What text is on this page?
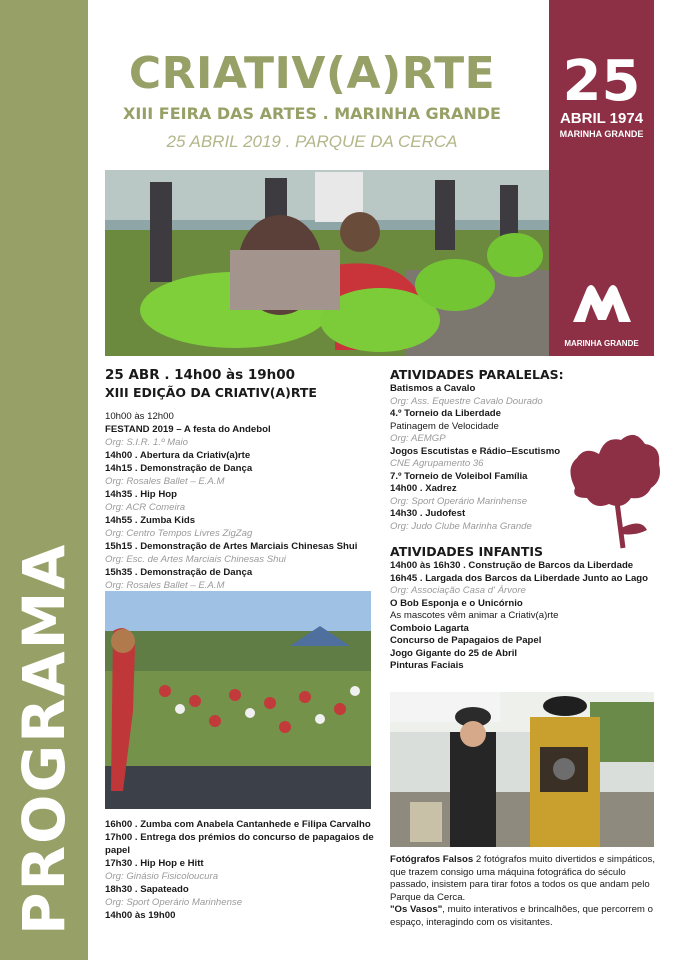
PROGRAMA
CRIATIV(A)RTE
XIII FEIRA DAS ARTES . MARINHA GRANDE
25 ABRIL 2019 . PARQUE DA CERCA
25
ABRIL 1974
MARINHA GRANDE
MARINHA GRANDE
25 ABR . 14h00 às 19h00
XIII EDIÇÃO DA CRIATIV(A)RTE
10h00 às 12h00
FESTAND 2019 – A festa do Andebol
Org: S.I.R. 1.º Maio
14h00 . Abertura da Criativ(a)rte
14h15 . Demonstração de Dança
Org: Rosales Ballet – E.A.M
14h35 . Hip Hop
Org: ACR Comeira
14h55 . Zumba Kids
Org: Centro Tempos Livres ZigZag
15h15 . Demonstração de Artes Marciais Chinesas Shui
Org: Esc. de Artes Marciais Chinesas Shui
15h35 . Demonstração de Dança
Org: Rosales Ballet – E.A.M
16h00 . Zumba com Anabela Cantanhede e Filipa Carvalho
17h00 . Entrega dos prémios do concurso de papagaios de papel
17h30 . Hip Hop e Hitt
Org: Ginásio Fisicoloucura
18h30 . Sapateado
Org: Sport Operário Marinhense
14h00 às 19h00
ATIVIDADES PARALELAS:
Batismos a Cavalo
Org: Ass. Equestre Cavalo Dourado
4.º Torneio da Liberdade
Patinagem de Velocidade
Org: AEMGP
Jogos Escutistas e Rádio–Escutismo
CNE Agrupamento 36
7.º Torneio de Voleibol Família
14h00 . Xadrez
Org: Sport Operário Marinhense
14h30 . Judofest
Org: Judo Clube Marinha Grande
ATIVIDADES INFANTIS
14h00 às 16h30 . Construção de Barcos da Liberdade
16h45 . Largada dos Barcos da Liberdade Junto ao Lago
Org: Associação Casa d' Árvore
O Bob Esponja e o Unicórnio
As mascotes vêm animar a Criativ(a)rte
Comboio Lagarta
Concurso de Papagaios de Papel
Jogo Gigante do 25 de Abril
Pinturas Faciais
Fotógrafos Falsos 2 fotógrafos muito divertidos e simpáticos, que trazem consigo uma máquina fotográfica do século passado, insistem para tirar fotos a todos os que andam pelo Parque da Cerca.
"Os Vasos", muito interativos e brincalhões, que percorrem o espaço, interagindo com os visitantes.
